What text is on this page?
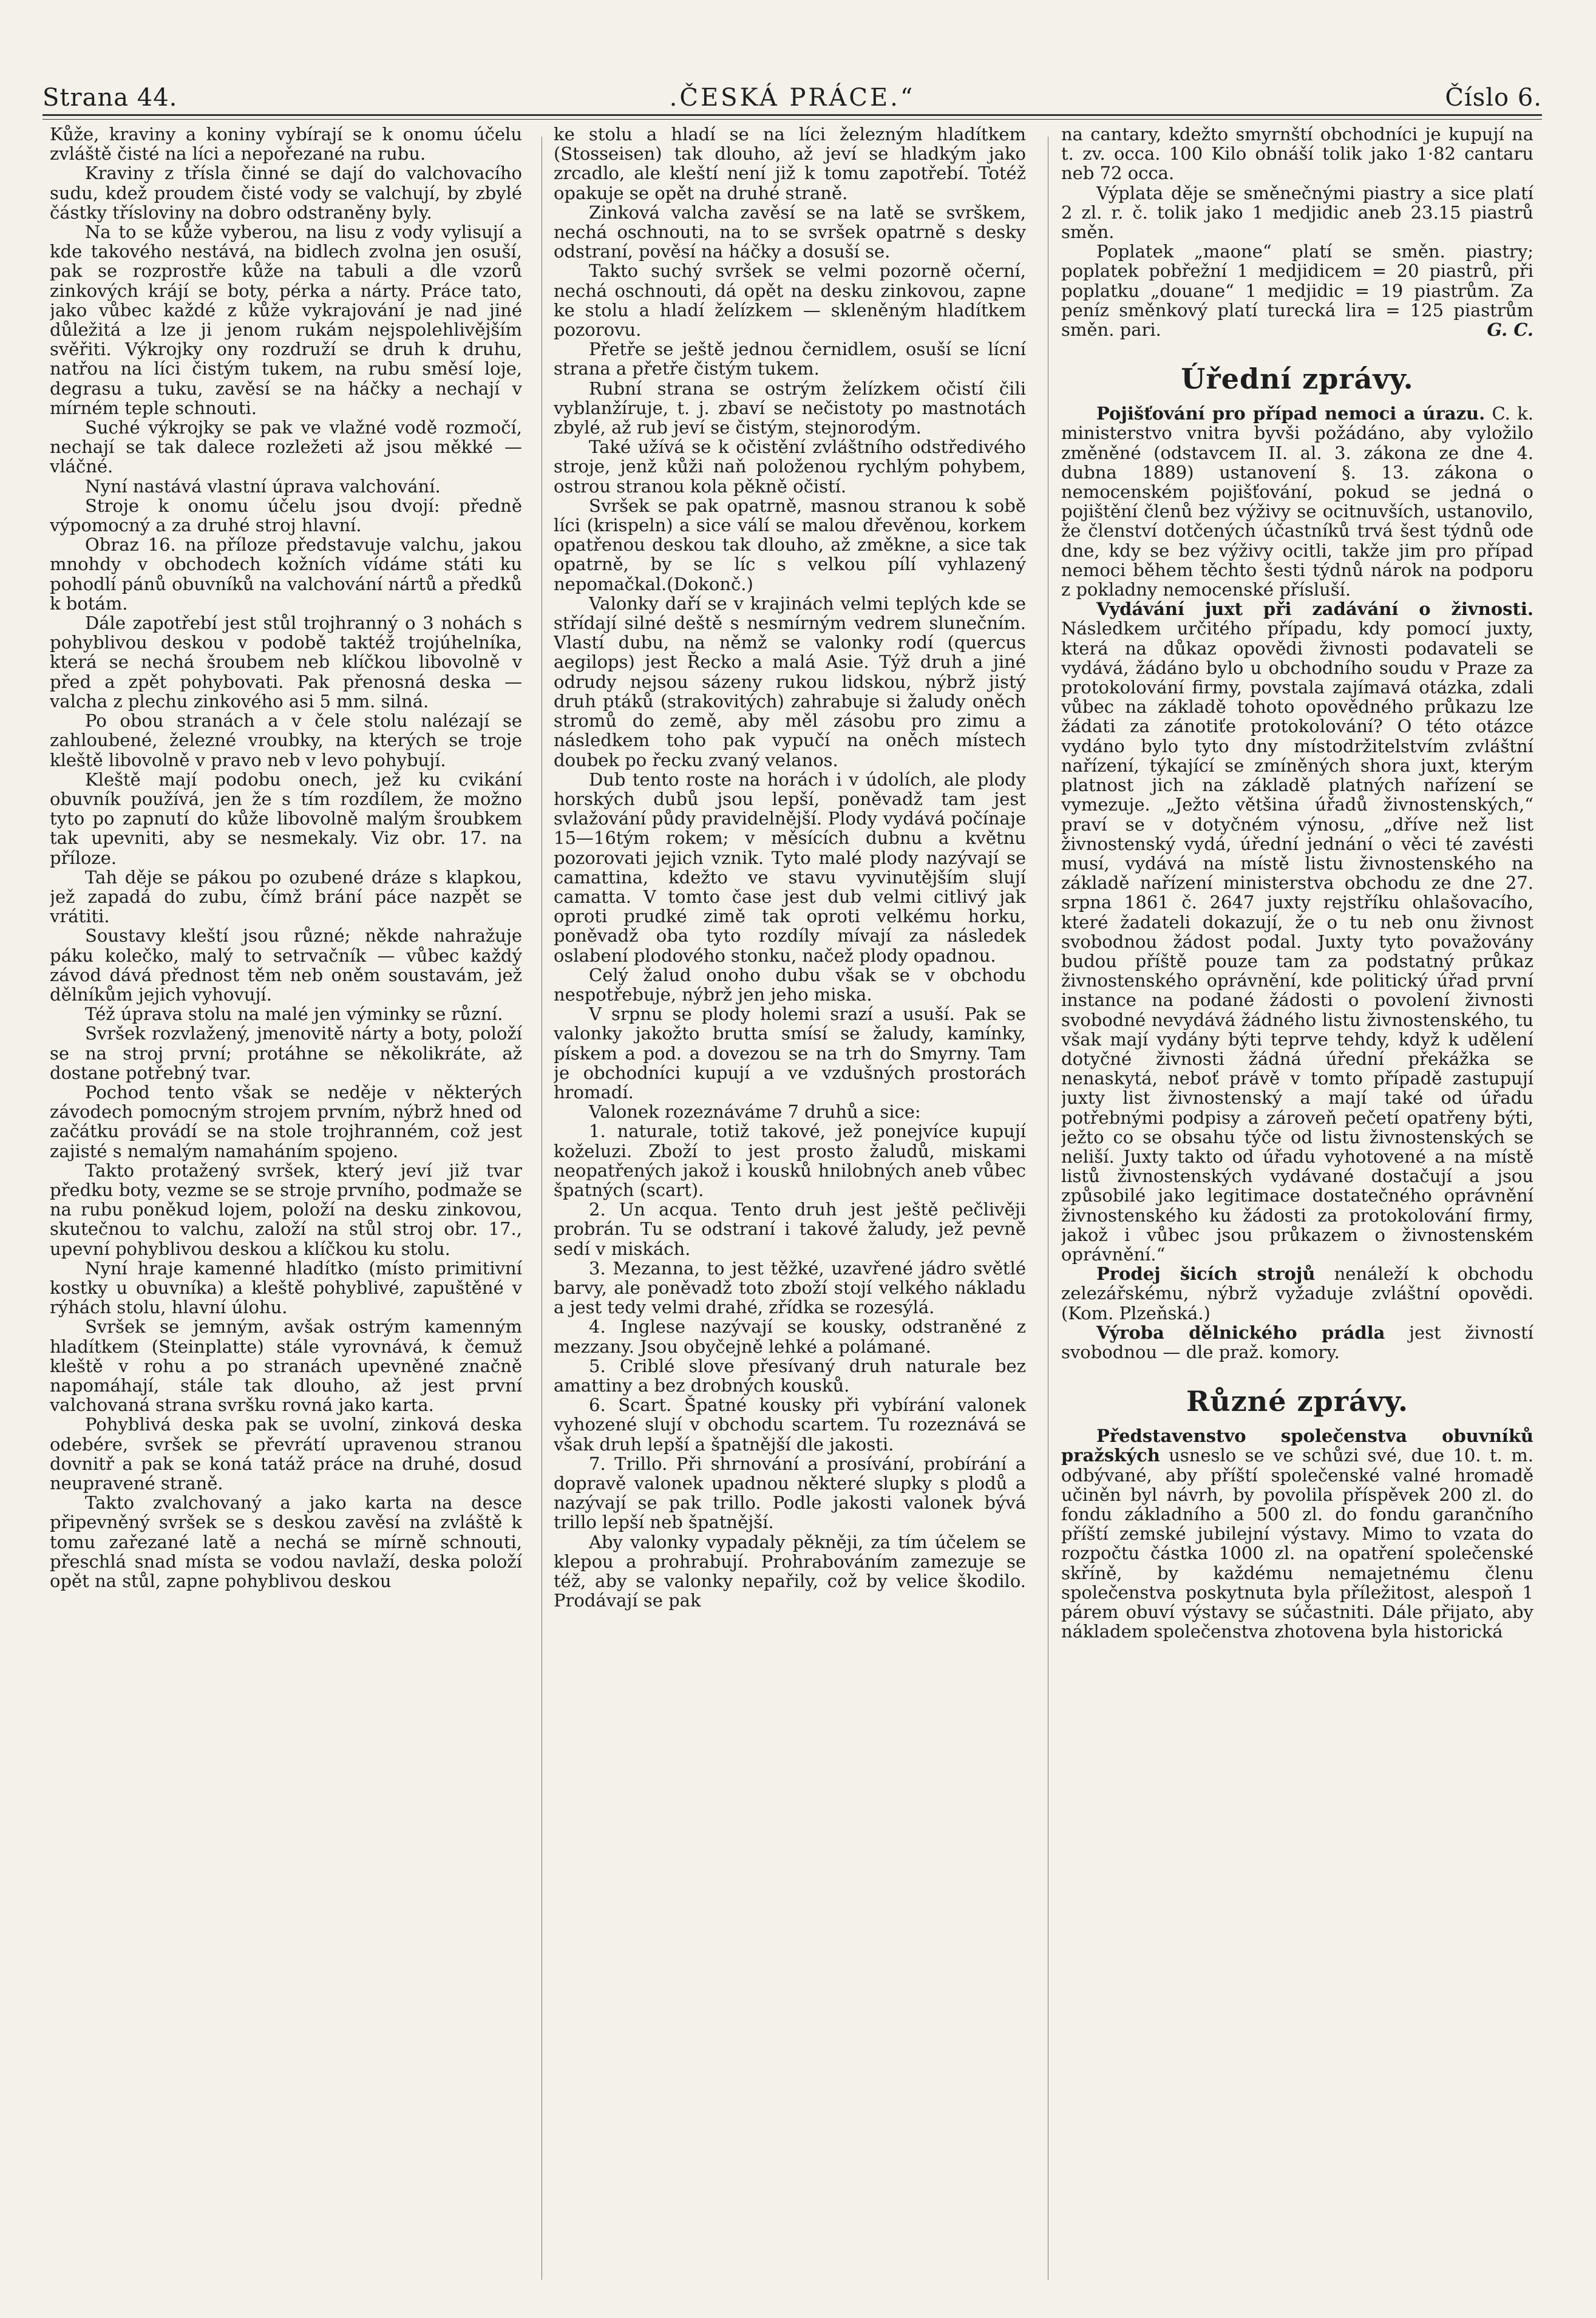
Strana 44.	.ČESKÁ PRÁCE.“	Číslo 6.

Kůže, kraviny a koniny vybírají se k onomu účelu zvláště čisté na líci a nepořezané na rubu.

Kraviny z tříslа činné se dají do valchovacího sudu, kdež proudem čisté vody se valchují, by zbylé částky tříslоviny na dobro odstraněny byly.

Na to se kůže vyberou, na lisu z vody vylisují a kde takového nestává, na bidlech zvolna jen osuší, pak se rozprostře kůže na tabuli a dle vzorů zinkových krájí se boty, pérka a nárty. Práce tato, jako vůbec každé z kůže vykrajování je nad jiné důležitá a lze ji jenom rukám nejspolehlivějším svěřiti. Výkrojky ony rozdruží se druh k druhu, natřou na líci čistým tukem, na rubu směsí loje, degrasu a tuku, zavěsí se na háčky a nechají v mírném teple schnouti.

Suché výkrojky se pak ve vlažné vodě rozmočí, nechají se tak dalece rozležeti až jsou měkké — vláčné.

Nyní nastává vlastní úprava valchování.

Stroje k onomu účelu jsou dvojí: předně výpomocný a za druhé stroj hlavní.

Obraz 16. na příloze představuje valchu, jakou mnohdy v obchodech kožních vídáme státi ku pohodlí pánů obuvníků na valchování nártů a předků k botám.

Dále zapotřebí jest stůl trojhranný o 3 nohách s pohyblivou deskou v podobě taktéž trojúhelníka, která se nechá šroubem neb klíčkou libovolně v před a zpět pohybovati. Pak přenosná deska — valcha z plechu zinkového asi 5 mm. silná.

Po obou stranách a v čele stolu nalézají se zahloubené, železné vroubky, na kterých se troje kleště libovolně v pravo neb v levo pohybují.

Kleště mají podobu onech, jež ku cvikání obuvník používá, jen že s tím rozdílem, že možno tyto po zapnutí do kůže libovolně malým šroubkem tak upevniti, aby se nesmekaly. Viz obr. 17. na příloze.

Tah děje se pákou po ozubené dráze s klapkou, jež zapadá do zubu, čímž brání páce nazpět se vrátiti.

Soustavy kleští jsou různé; někde nahražuje páku kolečko, malý to setrvačník — vůbec každý závod dává přednost těm neb oněm soustavám, jež dělníkům jejich vyhovují.

Též úprava stolu na malé jen výminky se různí.

Svršek rozvlažený, jmenovitě nárty a boty, položí se na stroj první; protáhne se několikráte, až dostane potřebný tvar.

Pochod tento však se neděje v některých závodech pomocným strojem prvním, nýbrž hned od začátku provádí se na stole trojhranném, což jest zajisté s nemalým namaháním spojeno.

Takto protažený svršek, který jeví již tvar předku boty, vezme se se stroje prvního, podmaže se na rubu poněkud lojem, položí na desku zinkovou, skutečnou to valchu, založí na stůl stroj obr. 17., upevní pohyblivou deskou a klíčkou ku stolu.

Nyní hraje kamenné hladítko (místo primitivní kostky u obuvníka) a kleště pohyblivé, zapuštěné v rýhách stolu, hlavní úlohu.

Svršek se jemným, avšak ostrým kamenným hladítkem (Steinplatte) stále vyrovnává, k čemuž kleště v rohu a po stranách upevněné značně napomáhají, stále tak dlouho, až jest první valchovaná strana svršku rovná jako karta.

Pohyblivá deska pak se uvolní, zinková deska odebére, svršek se převrátí upravenou stranou dovnitř a pak se koná tatáž práce na druhé, dosud neupravené straně.

Takto zvalchovaný a jako karta na desce připevněný svršek se s deskou zavěsí na zvláště k tomu zařezané latě a nechá se mírně schnouti, přeschlá snad místa se vodou navlaží, deska položí opět na stůl, zapne pohyblivou deskou

ke stolu a hladí se na líci železným hladítkem (Stosseisen) tak dlouho, až jeví se hladkým jako zrcadlo, ale kleští není již k tomu zapotřebí. Totéž opakuje se opět na druhé straně.

Zinková valcha zavěsí se na latě se svrškem, nechá oschnouti, na to se svršek opatrně s desky odstraní, pověsí na háčky a dosuší se.

Takto suchý svršek se velmi pozorně očerní, nechá oschnouti, dá opět na desku zinkovou, zapne ke stolu a hladí želízkem — skleněným hladítkem pozorovu.

Přetře se ještě jednou černidlem, osuší se lícní strana a přetře čistým tukem.

Rubní strana se ostrým želízkem očistí čili vyblanžíruje, t. j. zbaví se nečistoty po mastnotách zbylé, až rub jeví se čistým, stejnorodým.

Také užívá se k očistění zvláštního odstředivého stroje, jenž kůži naň položenou rychlým pohybem, ostrou stranou kola pěkně očistí.

Svršek se pak opatrně, masnou stranou k sobě líci (krispeln) a sice válí se malou dřevěnou, korkem opatřenou deskou tak dlouho, až změkne, a sice tak opatrně, by se líc s velkou pílí vyhlazený nepomačkal.(Dokonč.)

Valonky daří se v krajinách velmi teplých kde se střídají silné deště s nesmírným vedrem slunečním. Vlastí dubu, na němž se valonky rodí (quercus aegilops) jest Řecko a malá Asie. Týž druh a jiné odrudy nejsou sázeny rukou lidskou, nýbrž jistý druh ptáků (strakovitých) zahrabuje si žaludy oněch stromů do země, aby měl zásobu pro zimu a následkem toho pak vypučí na oněch místech doubek po řecku zvaný velanos.

Dub tento roste na horách i v údolích, ale plody horských dubů jsou lepší, poněvadž tam jest svlažování půdy pravidelnější. Plody vydává počínaje 15—16tým rokem; v měsících dubnu a květnu pozorovati jejich vznik. Tyto malé plody nazývají se camattina, kdežto ve stavu vyvinutějším slují camatta. V tomto čase jest dub velmi citlivý jak oproti prudké zimě tak oproti velkému horku, poněvadž oba tyto rozdíly mívají za následek oslabení plodového stonku, načež plody opadnou.

Celý žalud onoho dubu však se v obchodu nespotřebuje, nýbrž jen jeho miska.

V srpnu se plody holemi srazí a usuší. Pak se valonky jakožto brutta smísí se žaludy, kamínky, pískem a pod. a dovezou se na trh do Smyrny. Tam je obchodníci kupují a ve vzdušných prostorách hromadí.

Valonek rozeznáváme 7 druhů a sice:

1. naturale, totiž takové, jež ponejvíce kupují koželuzi. Zboží to jest prosto žaludů, miskami neopatřených jakož i kousků hnilobných aneb vůbec špatných (scart).

2. Un acqua. Tento druh jest ještě pečlivěji probrán. Tu se odstraní i takové žaludy, jež pevně sedí v miskách.

3. Mezanna, to jest těžké, uzavřené jádro světlé barvy, ale poněvadž toto zboží stojí velkého nákladu a jest tedy velmi drahé, zřídka se rozesýlá.

4. Inglese nazývají se kousky, odstraněné z mezzany. Jsou obyčejně lehké a polámané.

5. Criblé slove přesívaný druh naturale bez amattiny a bez drobných kousků.

6. Scart. Špatné kousky při vybírání valonek vyhozené slují v obchodu scartem. Tu rozeznává se však druh lepší a špatnější dle jakosti.

7. Trillo. Při shrnování a prosívání, probírání a dopravě valonek upadnou některé slupky s plodů a nazývají se pak trillo. Podle jakosti valonek bývá trillo lepší neb špatnější.

Aby valonky vypadaly pěkněji, za tím účelem se klepou a prohrabují. Prohrabováním zamezuje se též, aby se valonky nepařily, což by velice škodilo. Prodávají se pak

na cantary, kdežto smyrnští obchodníci je kupují na t. zv. occa. 100 Kilo obnáší tolik jako 1·82 cantaru neb 72 occa.

Výplata děje se směnečnými piastry a sice platí 2 zl. r. č. tolik jako 1 medjidic aneb 23.15 piastrů směn.

Poplatek „maone“ platí se směn. piastry; poplatek pobřežní 1 medjidicem = 20 piastrů, při poplatku „douane“ 1 medjidic = 19 piastrům. Za peníz směnkový platí turecká lira = 125 piastrům směn. pari.	G. C.

Úřední zprávy.

Pojišťování pro případ nemoci a úrazu. C. k. ministerstvo vnitra byvši požádáno, aby vyložilo změněné (odstavcem II. al. 3. zákona ze dne 4. dubna 1889) ustanovení §. 13. zákona o nemocenském pojišťování, pokud se jedná o pojištění členů bez výživy se ocitnuvších, ustanovilo, že členství dotčených účastníků trvá šest týdnů ode dne, kdy se bez výživy ocitli, takže jim pro případ nemoci během těchto šesti týdnů nárok na podporu z pokladny nemocenské přísluší.

Vydávání juxt při zadávání o živnosti. Následkem určitého případu, kdy pomocí juxty, která na důkaz opovědi živnosti podavateli se vydává, žádáno bylo u obchodního soudu v Praze za protokolování firmy, povstala zajímavá otázka, zdali vůbec na základě tohoto opovědného průkazu lze žádati za zánotiťe protokolování? O této otázce vydáno bylo tyto dny místodržitelstvím zvláštní nařízení, týkající se zmíněných shora juxt, kterým platnost jich na základě platných nařízení se vymezuje. „Ježto většina úřadů živnostenských,“ praví se v dotyčném výnosu, „dříve než list živnostenský vydá, úřední jednání o věci té zavésti musí, vydává na místě listu živnostenského na základě nařízení ministerstva obchodu ze dne 27. srpna 1861 č. 2647 juxty rejstříku ohlašovacího, které žadateli dokazují, že o tu neb onu živnost svobodnou žádost podal. Juxty tyto považovány budou příště pouze tam za podstatný průkaz živnostenského oprávnění, kde politický úřad první instance na podané žádosti o povolení živnosti svobodné nevydává žádného listu živnostenského, tu však mají vydány býti teprve tehdy, když k udělení dotyčné živnosti žádná úřední překážka se nenaskytá, neboť právě v tomto případě zastupují juxty list živnostenský a mají také od úřadu potřebnými podpisy a zároveň pečetí opatřeny býti, ježto co se obsahu týče od listu živnostenských se neliší. Juxty takto od úřadu vyhotovené a na místě listů živnostenských vydávané dostačují a jsou způsobilé jako legitimace dostatečného oprávnění živnostenského ku žádosti za protokolování firmy, jakož i vůbec jsou průkazem o živnostenském oprávnění.“

Prodej šicích strojů nenáleží k obchodu zelezářskému, nýbrž vyžaduje zvláštní opovědi. (Kom. Plzeňská.)

Výroba dělnického prádla jest živností svobodnou — dle praž. komory.

Různé zprávy.

Představenstvo společenstva obuvníků pražských usneslo se ve schůzi své, due 10. t. m. odbývané, aby příští společenské valné hromadě učiněn byl návrh, by povolila příspěvek 200 zl. do fondu základního a 500 zl. do fondu garančního příští zemské jubilejní výstavy. Mimo to vzata do rozpočtu částka 1000 zl. na opatření společenské skříně, by každému nemajetnému členu společenstva poskytnuta byla příležitost, alespoň 1 párem obuví výstavy se súčastniti. Dále přijato, aby nákladem společenstva zhotovena byla historická
